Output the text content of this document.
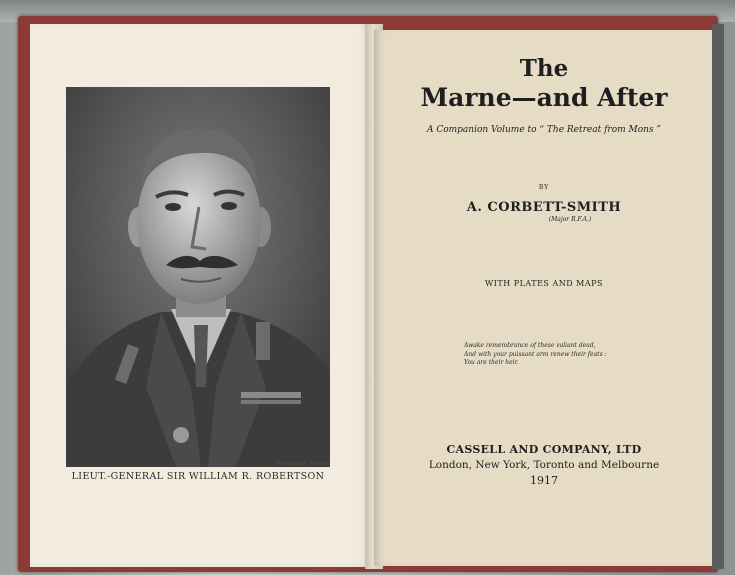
Photograph: Bassano
LIEUT.-GENERAL SIR WILLIAM R. ROBERTSON
The
Marne—and After
A Companion Volume to “ The Retreat from Mons ”
BY
A. CORBETT-SMITH
(Major R.F.A.)
WITH PLATES AND MAPS
Awake remembrance of these valiant dead,
And with your puissant arm renew their feats :
You are their heir.
CASSELL AND COMPANY, LTD
London, New York, Toronto and Melbourne
1917
